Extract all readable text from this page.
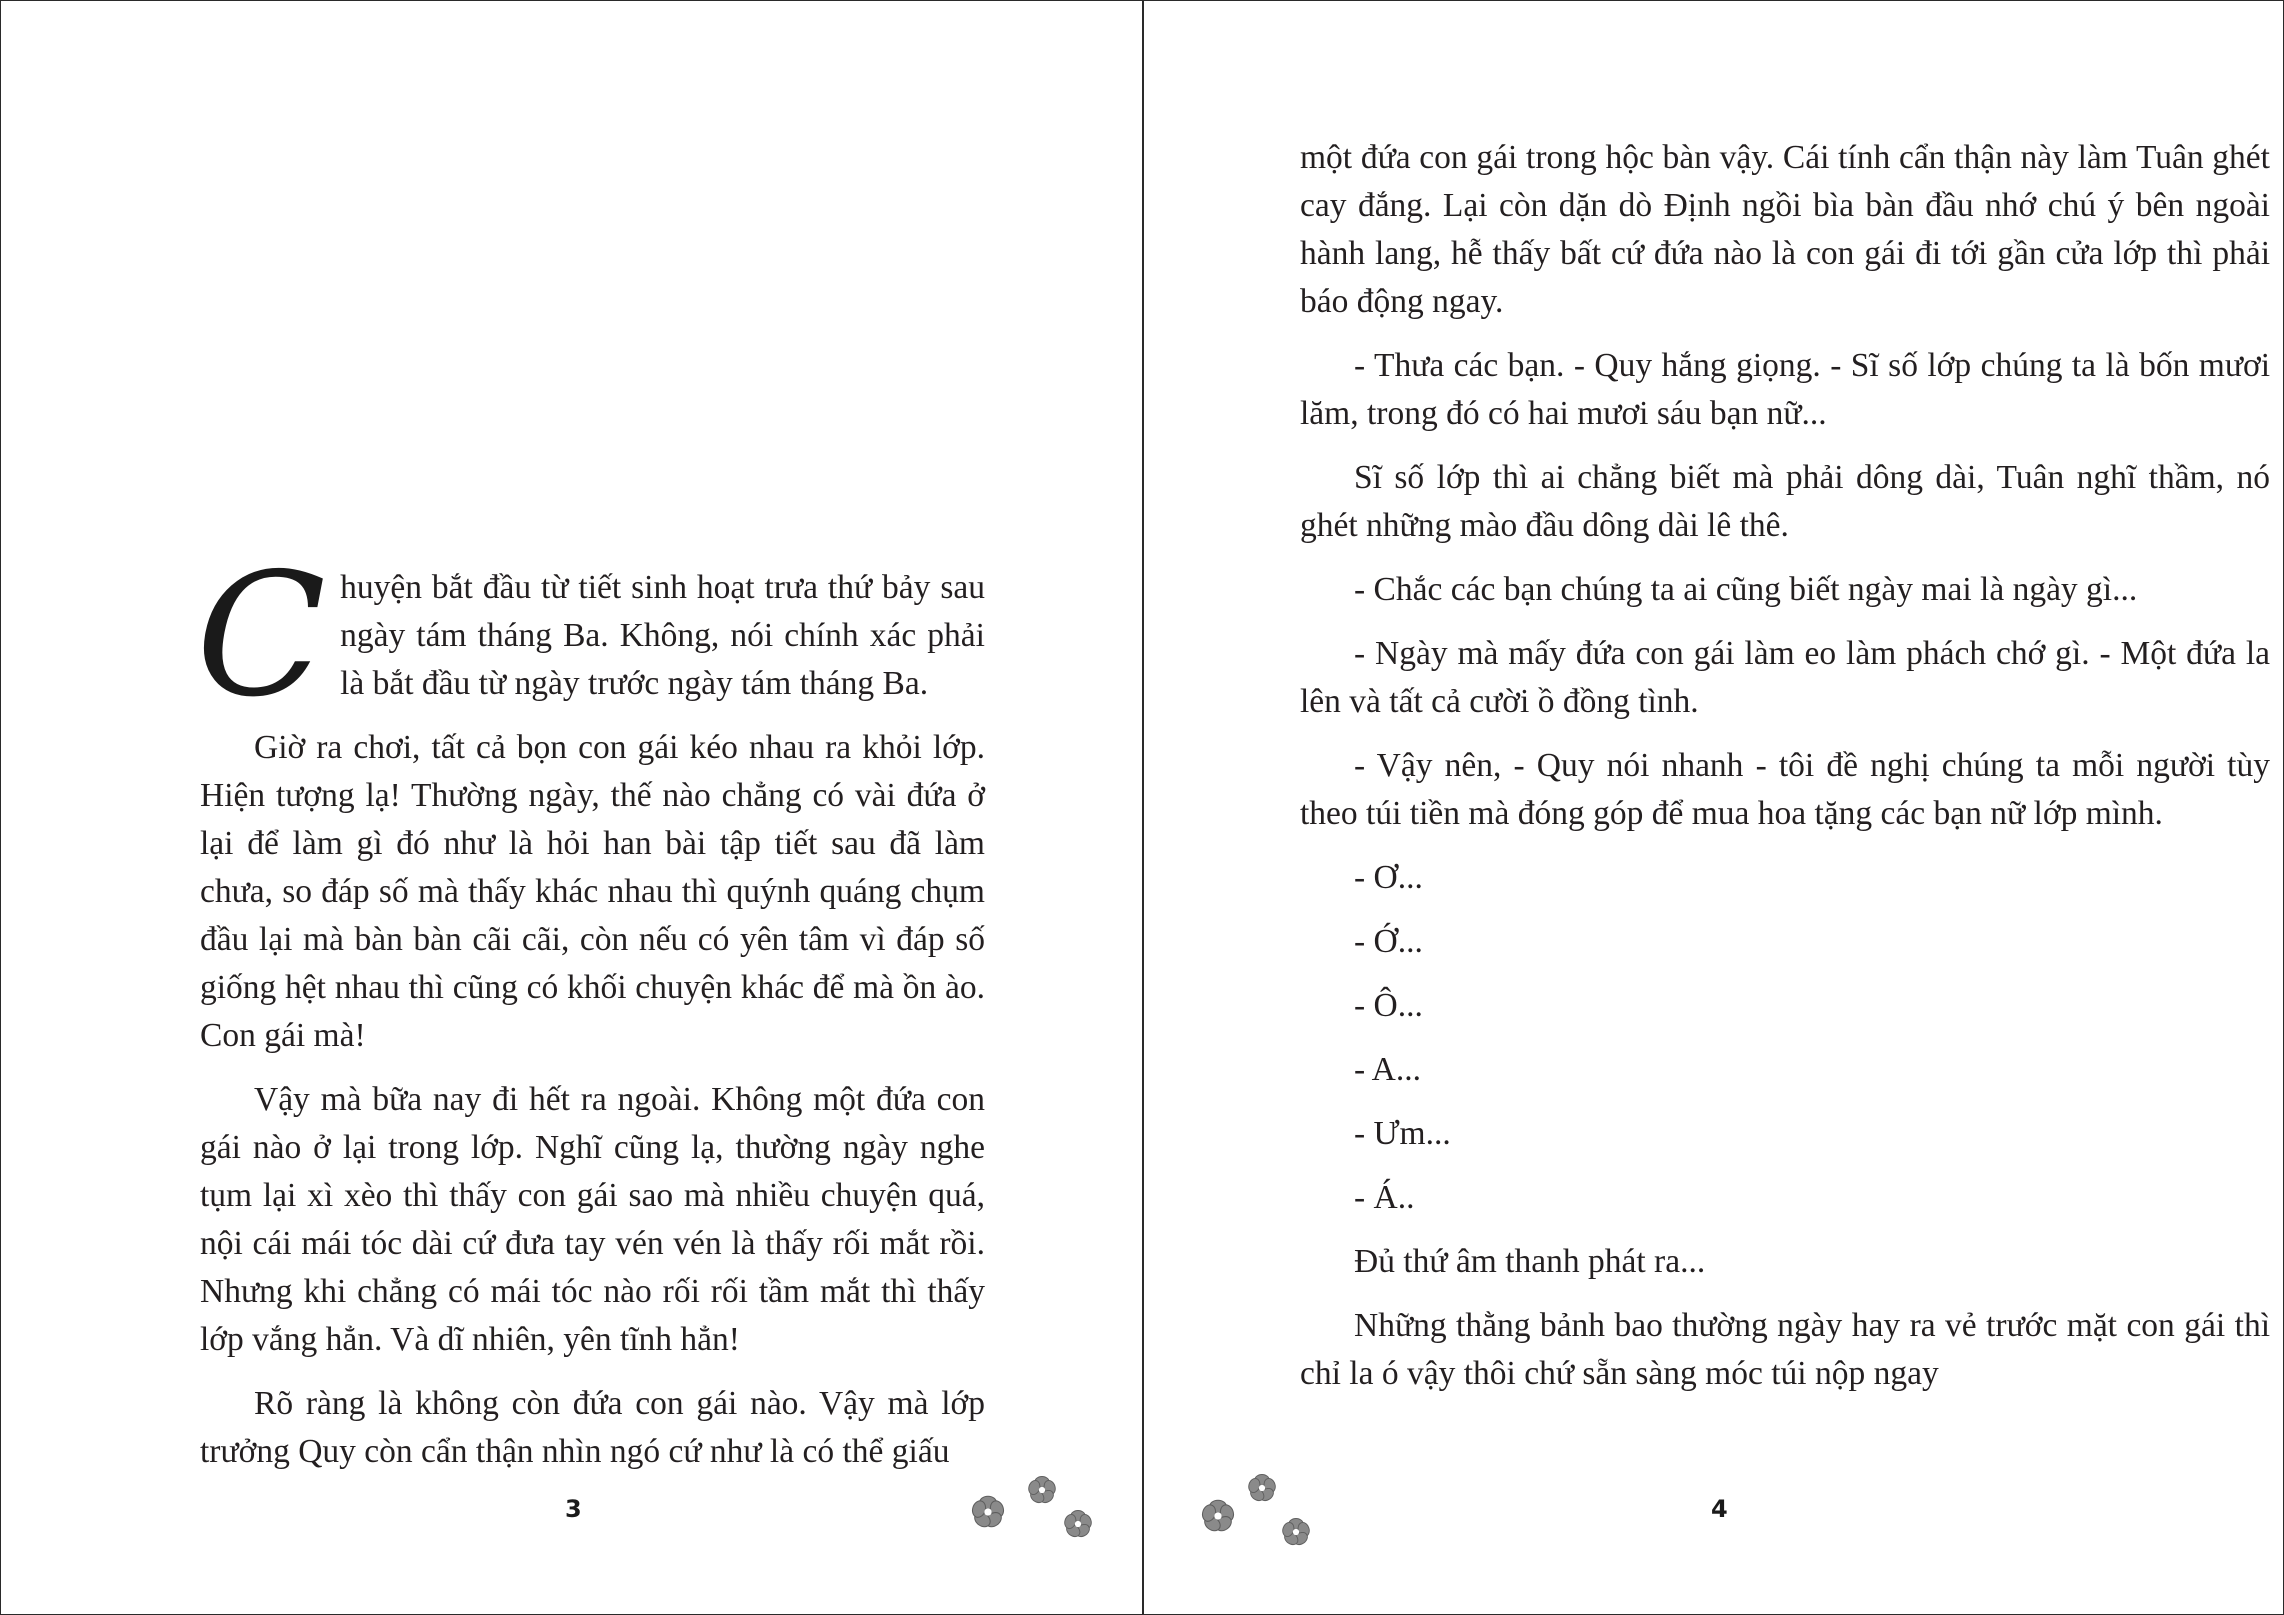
Chuyện bắt đầu từ tiết sinh hoạt trưa thứ bảy sau ngày tám tháng Ba. Không, nói chính xác phải là bắt đầu từ ngày trước ngày tám tháng Ba.

Giờ ra chơi, tất cả bọn con gái kéo nhau ra khỏi lớp. Hiện tượng lạ! Thường ngày, thế nào chẳng có vài đứa ở lại để làm gì đó như là hỏi han bài tập tiết sau đã làm chưa, so đáp số mà thấy khác nhau thì quýnh quáng chụm đầu lại mà bàn bàn cãi cãi, còn nếu có yên tâm vì đáp số giống hệt nhau thì cũng có khối chuyện khác để mà ồn ào. Con gái mà!

Vậy mà bữa nay đi hết ra ngoài. Không một đứa con gái nào ở lại trong lớp. Nghĩ cũng lạ, thường ngày nghe tụm lại xì xèo thì thấy con gái sao mà nhiều chuyện quá, nội cái mái tóc dài cứ đưa tay vén vén là thấy rối mắt rồi. Nhưng khi chẳng có mái tóc nào rối rối tầm mắt thì thấy lớp vắng hẳn. Và dĩ nhiên, yên tĩnh hẳn!

Rõ ràng là không còn đứa con gái nào. Vậy mà lớp trưởng Quy còn cẩn thận nhìn ngó cứ như là có thể giấu

3

một đứa con gái trong hộc bàn vậy. Cái tính cẩn thận này làm Tuân ghét cay đắng. Lại còn dặn dò Định ngồi bìa bàn đầu nhớ chú ý bên ngoài hành lang, hễ thấy bất cứ đứa nào là con gái đi tới gần cửa lớp thì phải báo động ngay.

- Thưa các bạn. - Quy hắng giọng. - Sĩ số lớp chúng ta là bốn mươi lăm, trong đó có hai mươi sáu bạn nữ...

Sĩ số lớp thì ai chẳng biết mà phải dông dài, Tuân nghĩ thầm, nó ghét những mào đầu dông dài lê thê.

- Chắc các bạn chúng ta ai cũng biết ngày mai là ngày gì...

- Ngày mà mấy đứa con gái làm eo làm phách chớ gì. - Một đứa la lên và tất cả cười ồ đồng tình.

- Vậy nên, - Quy nói nhanh - tôi đề nghị chúng ta mỗi người tùy theo túi tiền mà đóng góp để mua hoa tặng các bạn nữ lớp mình.

- Ơ...

- Ớ...

- Ô...

- A...

- Ưm...

- Á..

Đủ thứ âm thanh phát ra...

Những thằng bảnh bao thường ngày hay ra vẻ trước mặt con gái thì chỉ la ó vậy thôi chứ sẵn sàng móc túi nộp ngay

4
